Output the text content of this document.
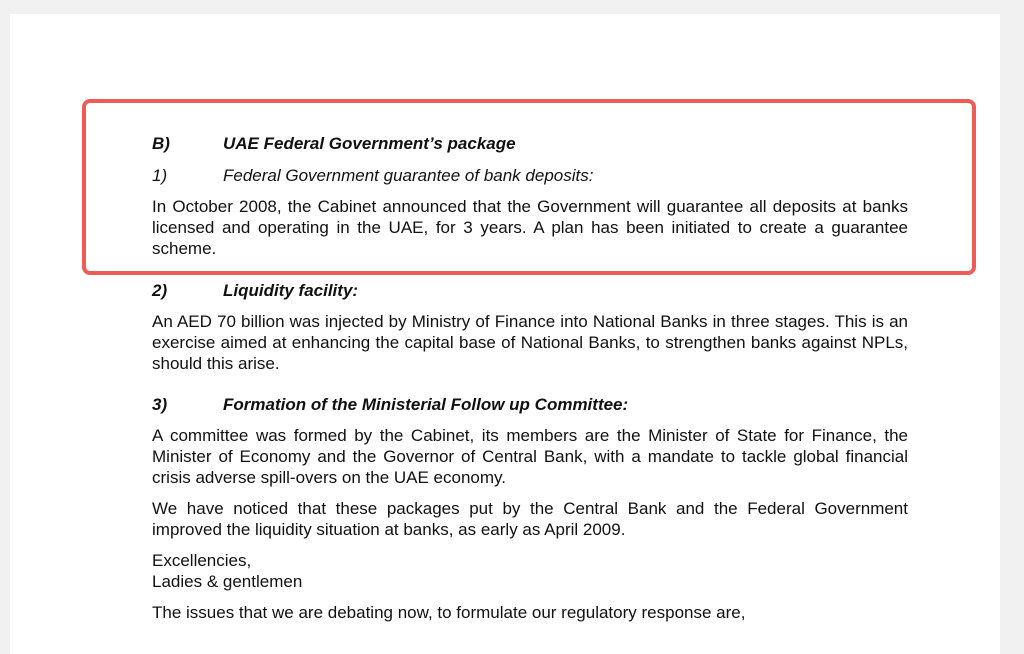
B)	UAE Federal Government’s package
1)	Federal Government guarantee of bank deposits:
In October 2008, the Cabinet announced that the Government will guarantee all deposits at banks licensed and operating in the UAE, for 3 years. A plan has been initiated to create a guarantee scheme.
2)	Liquidity facility:
An AED 70 billion was injected by Ministry of Finance into National Banks in three stages. This is an exercise aimed at enhancing the capital base of National Banks, to strengthen banks against NPLs, should this arise.
3)	Formation of the Ministerial Follow up Committee:
A committee was formed by the Cabinet, its members are the Minister of State for Finance, the Minister of Economy and the Governor of Central Bank, with a mandate to tackle global financial crisis adverse spill-overs on the UAE economy.
We have noticed that these packages put by the Central Bank and the Federal Government improved the liquidity situation at banks, as early as April 2009.
Excellencies,
Ladies & gentlemen
The issues that we are debating now, to formulate our regulatory response are,
